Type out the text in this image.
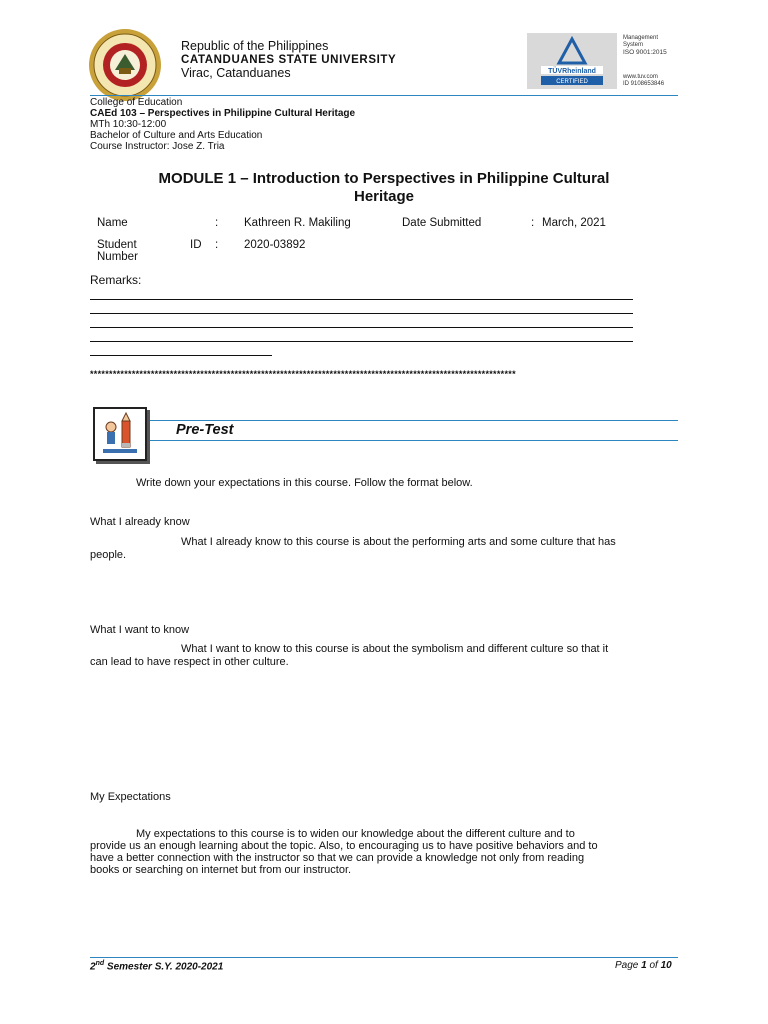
Republic of the Philippines
CATANDUANES STATE UNIVERSITY
Virac, Catanduanes	TÜVRheinland
CERTIFIED
Management
System
ISO 9001:2015
www.tuv.com
ID 9108653846
College of Education
CAEd 103 – Perspectives in Philippine Cultural Heritage
MTh 10:30-12:00
Bachelor of Culture and Arts Education
Course Instructor: Jose Z. Tria
MODULE 1 – Introduction to Perspectives in Philippine Cultural
Heritage
Name	: Kathreen R. Makiling	Date Submitted	: March, 2021
Student	ID : 2020-03892
Number
Remarks:
****************************************************************************************************************
Pre-Test
Write down your expectations in this course. Follow the format below.
What I already know
What I already know to this course is about the performing arts and some culture that has
people.
What I want to know
What I want to know to this course is about the symbolism and different culture so that it
can lead to have respect in other culture.
My Expectations
My expectations to this course is to widen our knowledge about the different culture and to
provide us an enough learning about the topic. Also, to encouraging us to have positive behaviors and to
have a better connection with the instructor so that we can provide a knowledge not only from reading
books or searching on internet but from our instructor.
2nd Semester S.Y. 2020-2021	Page 1 of 10
